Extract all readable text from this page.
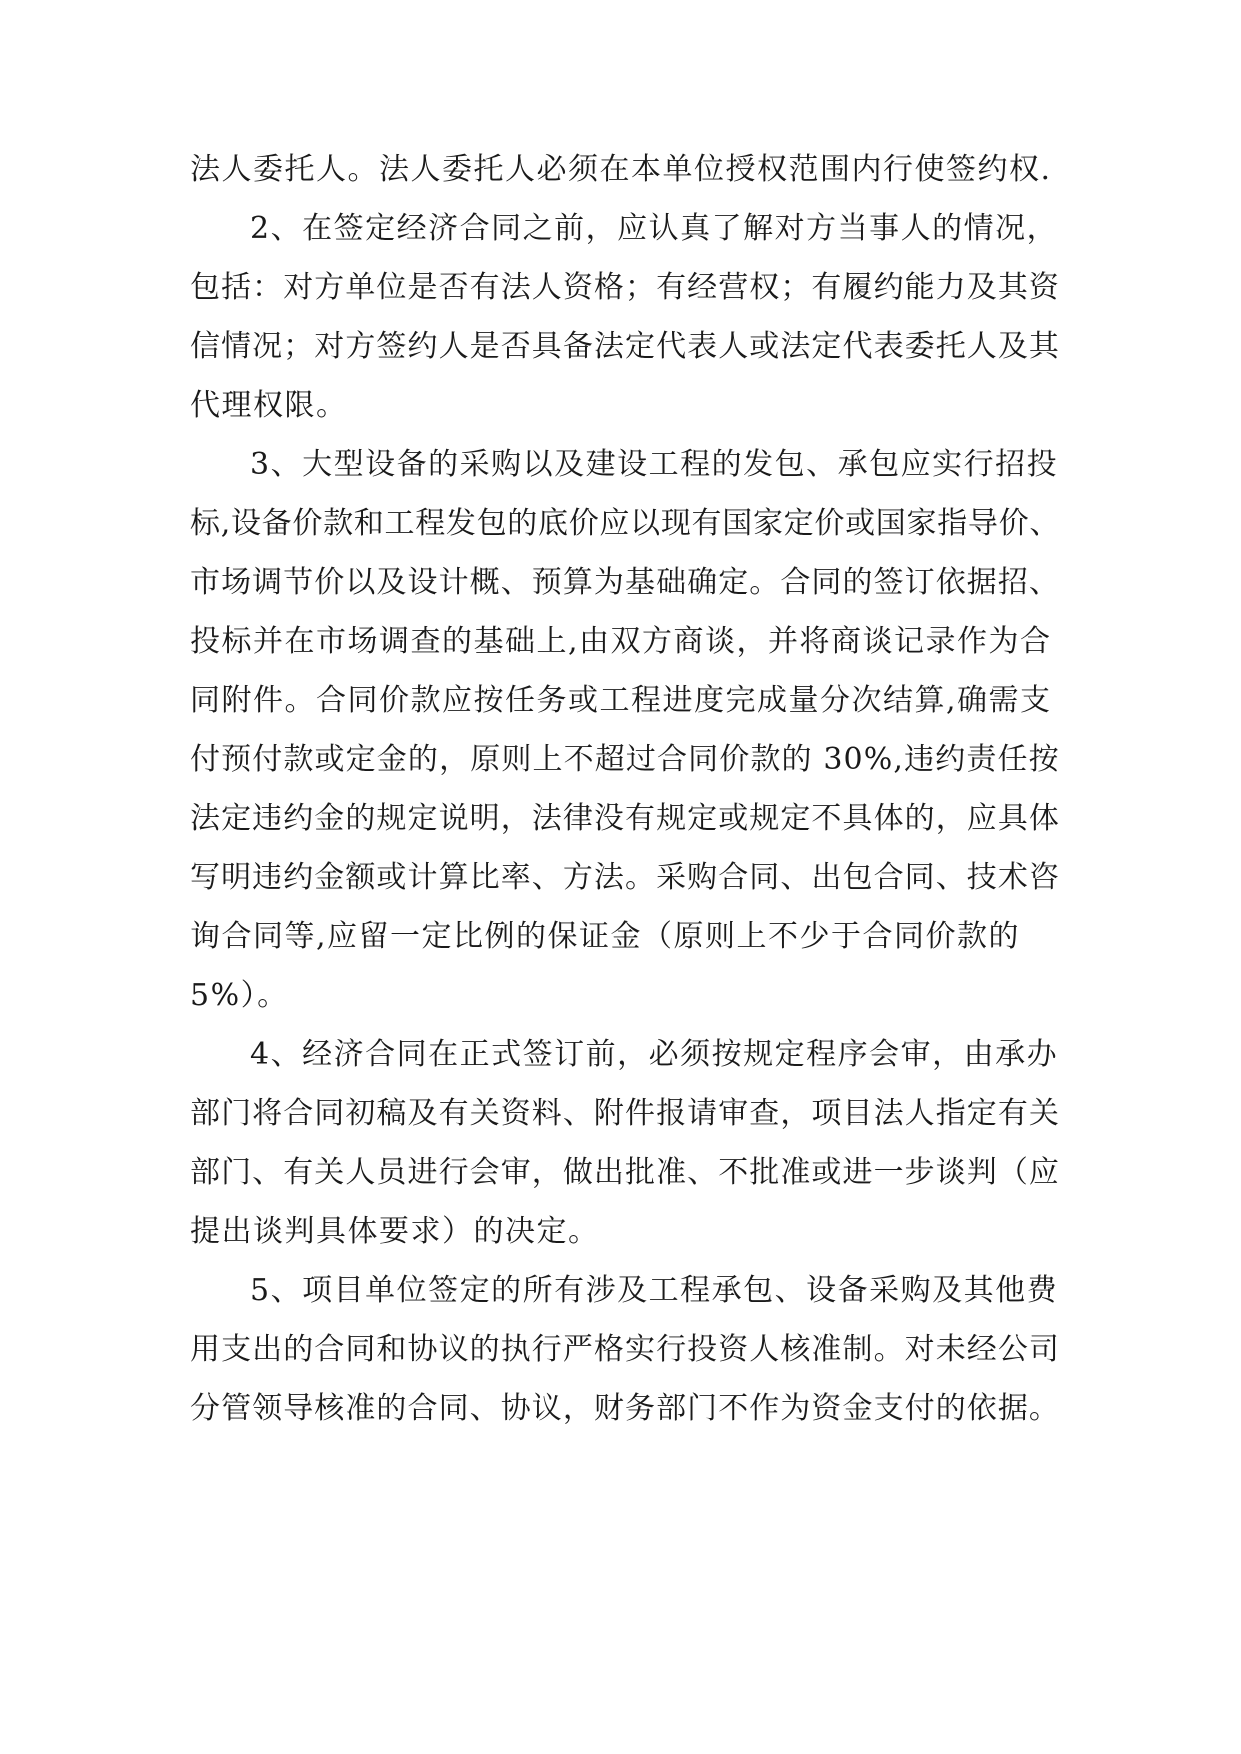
法人委托人。法人委托人必须在本单位授权范围内行使签约权.
2、在签定经济合同之前，应认真了解对方当事人的情况，
包括：对方单位是否有法人资格；有经营权；有履约能力及其资
信情况；对方签约人是否具备法定代表人或法定代表委托人及其
代理权限。
3、大型设备的采购以及建设工程的发包、承包应实行招投
标,设备价款和工程发包的底价应以现有国家定价或国家指导价、
市场调节价以及设计概、预算为基础确定。合同的签订依据招、
投标并在市场调查的基础上,由双方商谈，并将商谈记录作为合
同附件。合同价款应按任务或工程进度完成量分次结算,确需支
付预付款或定金的，原则上不超过合同价款的 30%,违约责任按
法定违约金的规定说明，法律没有规定或规定不具体的，应具体
写明违约金额或计算比率、方法。采购合同、出包合同、技术咨
询合同等,应留一定比例的保证金（原则上不少于合同价款的
5%）。
4、经济合同在正式签订前，必须按规定程序会审，由承办
部门将合同初稿及有关资料、附件报请审查，项目法人指定有关
部门、有关人员进行会审，做出批准、不批准或进一步谈判（应
提出谈判具体要求）的决定。
5、项目单位签定的所有涉及工程承包、设备采购及其他费
用支出的合同和协议的执行严格实行投资人核准制。对未经公司
分管领导核准的合同、协议，财务部门不作为资金支付的依据。
